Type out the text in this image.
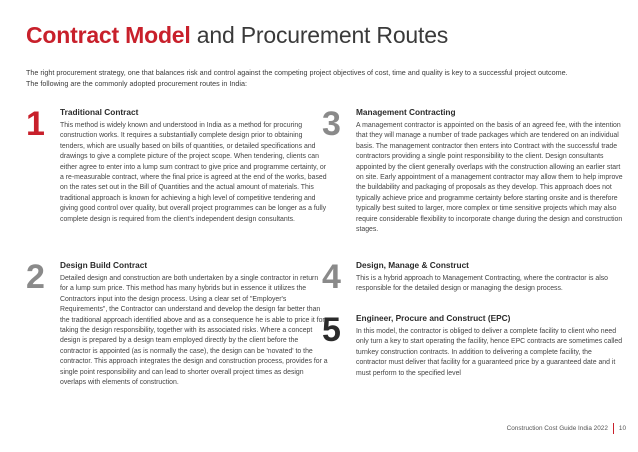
Contract Model and Procurement Routes

The right procurement strategy, one that balances risk and control against the competing project objectives of cost, time and quality is key to a successful project outcome.

The following are the commonly adopted procurement routes in India:

1 Traditional Contract
This method is widely known and understood in India as a method for procuring construction works. It requires a substantially complete design prior to obtaining tenders, which are usually based on bills of quantities, or detailed specifications and drawings to give a complete picture of the project scope. When tendering, clients can either agree to enter into a lump sum contract to give price and programme certainty, or a re-measurable contract, where the final price is agreed at the end of the works, based on the rates set out in the Bill of Quantities and the actual amount of materials. This traditional approach is known for achieving a high level of competitive tendering and giving good control over quality, but overall project programmes can be longer as a fully complete design is required from the client's independent design consultants.
2 Design Build Contract
Detailed design and construction are both undertaken by a single contractor in return for a lump sum price. This method has many hybrids but in essence it utilizes the Contractors input into the design process. Using a clear set of "Employer's Requirements", the Contractor can understand and develop the design far better than the traditional approach identified above and as a consequence he is able to price it for taking the design responsibility, together with its associated risks. Where a concept design is prepared by a design team employed directly by the client before the contractor is appointed (as is normally the case), the design can be 'novated' to the contractor. This approach integrates the design and construction process, provides for a single point responsibility and can lead to shorter overall project times as design overlaps with elements of construction.
3 Management Contracting
A management contractor is appointed on the basis of an agreed fee, with the intention that they will manage a number of trade packages which are tendered on an individual basis. The management contractor then enters into Contract with the successful trade contractors providing a single point responsibility to the client. Design consultants appointed by the client generally overlaps with the construction allowing an earlier start on site. Early appointment of a management contractor may allow them to help improve the buildability and packaging of proposals as they develop. This approach does not typically achieve price and programme certainty before starting onsite and is therefore typically best suited to larger, more complex or time sensitive projects which may also require considerable flexibility to incorporate change during the design and construction stages.
4 Design, Manage & Construct
This is a hybrid approach to Management Contracting, where the contractor is also responsible for the detailed design or managing the design process.
5 Engineer, Procure and Construct (EPC)
In this model, the contractor is obliged to deliver a complete facility to client who need only turn a key to start operating the facility, hence EPC contracts are sometimes called turnkey construction contracts. In addition to delivering a complete facility, the contractor must deliver that facility for a guaranteed price by a guaranteed date and it must perform to the specified level
Construction Cost Guide India 2022 10
